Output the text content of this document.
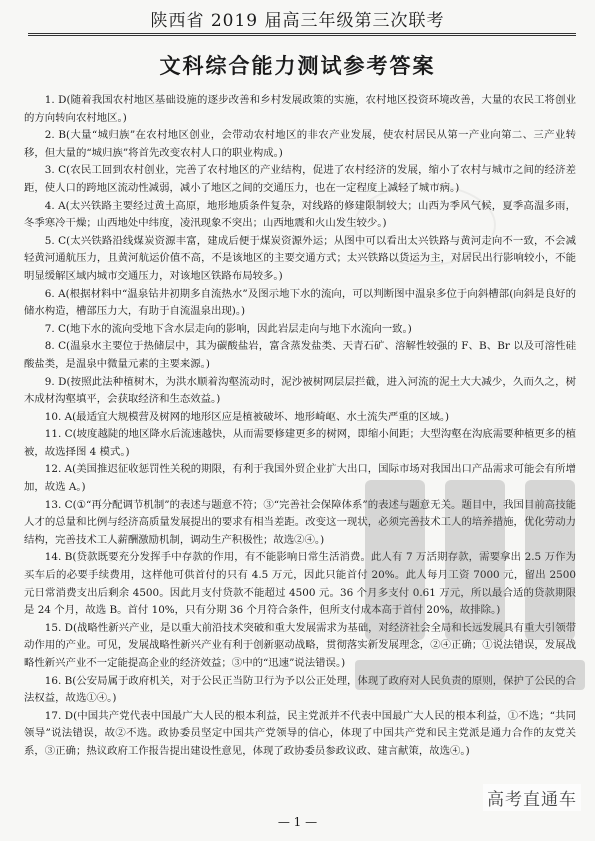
陕西省 2019 届高三年级第三次联考
文科综合能力测试参考答案

1. D(随着我国农村地区基础设施的逐步改善和乡村发展政策的实施，农村地区投资环境改善，大量的农民工将创业的方向转向农村地区。)

2. B(大量“城归族”在农村地区创业，会带动农村地区的非农产业发展，使农村居民从第一产业向第二、三产业转移，但大量的“城归族”将首先改变农村人口的职业构成。)

3. C(农民工回到农村创业，完善了农村地区的产业结构，促进了农村经济的发展，缩小了农村与城市之间的经济差距，使人口的跨地区流动性减弱，减小了地区之间的交通压力，也在一定程度上减轻了城市病。)

4. A(太兴铁路主要经过黄土高原，地形地质条件复杂，对线路的修建限制较大；山西为季风气候，夏季高温多雨，冬季寒冷干燥；山西地处中纬度，凌汛现象不突出；山西地震和火山发生较少。)

5. C(太兴铁路沿线煤炭资源丰富，建成后便于煤炭资源外运；从图中可以看出太兴铁路与黄河走向不一致，不会减轻黄河通航压力，且黄河航运价值不高，不是该地区的主要交通方式；太兴铁路以货运为主，对居民出行影响较小，不能明显缓解区域内城市交通压力，对该地区铁路布局较多。)

6. A(根据材料中“温泉钻井初期多自流热水”及图示地下水的流向，可以判断图中温泉多位于向斜槽部(向斜是良好的储水构造，槽部压力大，有助于自流温泉出现)。)

7. C(地下水的流向受地下含水层走向的影响，因此岩层走向与地下水流向一致。)

8. C(温泉水主要位于热储层中，其为碳酸盐岩，富含蒸发盐类、天青石矿、溶解性较强的 F、B、Br 以及可溶性硅酸盐类，是温泉中微量元素的主要来源。)

9. D(按照此法种植树木，为洪水顺着沟壑流动时，泥沙被树网层层拦截，进入河流的泥土大大减少，久而久之，树木成材沟壑填平，会获取经济和生态效益。)

10. A(最适宜大规模营及树网的地形区应是植被破坏、地形崎岖、水土流失严重的区域。)

11. C(坡度越陡的地区降水后流速越快，从而需要修建更多的树网，即缩小间距；大型沟壑在沟底需要种植更多的植被，故选择图 4 模式。)

12. A(美国推迟征收惩罚性关税的期限，有利于我国外贸企业扩大出口，国际市场对我国出口产品需求可能会有所增加，故选 A。)

13. C(①“再分配调节机制”的表述与题意不符；③“完善社会保障体系”的表述与题意无关。题目中，我国目前高技能人才的总量和比例与经济高质量发展提出的要求有相当差距。改变这一现状，必须完善技术工人的培养措施，优化劳动力结构，完善技术工人薪酬激励机制，调动生产积极性；故选②④。)

14. B(贷款既要充分发挥手中存款的作用，有不能影响日常生活消费。此人有 7 万活期存款，需要拿出 2.5 万作为买车后的必要手续费用，这样他可供首付的只有 4.5 万元，因此只能首付 20%。此人每月工资 7000 元，留出 2500 元日常消费支出后剩余 4500。因此月支付贷款不能超过 4500 元。36 个月多支付 0.61 万元，所以最合适的贷款期限是 24 个月，故选 B。首付 10%，只有分期 36 个月符合条件，但所支付成本高于首付 20%，故排除。)

15. D(战略性新兴产业，是以重大前沿技术突破和重大发展需求为基础，对经济社会全局和长远发展具有重大引领带动作用的产业。可见，发展战略性新兴产业有利于创新驱动战略，贯彻落实新发展理念，②④正确；①说法错误，发展战略性新兴产业不一定能提高企业的经济效益；③中的“迅速”说法错误。)

16. B(公安局属于政府机关，对于公民正当防卫行为予以公正处理，体现了政府对人民负责的原则，保护了公民的合法权益，故选①④。)

17. D(中国共产党代表中国最广大人民的根本利益，民主党派并不代表中国最广大人民的根本利益，①不选；“共同领导”说法错误，故②不选。政协委员坚定中国共产党领导的信心，体现了中国共产党和民主党派是通力合作的友党关系，③正确；热议政府工作报告提出建设性意见，体现了政协委员参政议政、建言献策，故选④。)

高考直通车
— 1 —
